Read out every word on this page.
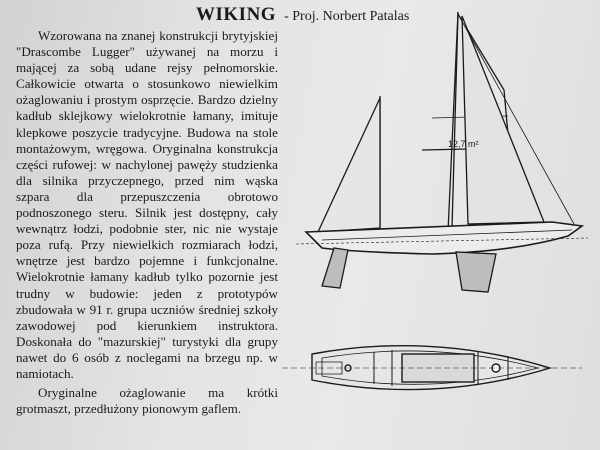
WIKING - Proj. Norbert Patalas

Wzorowana na znanej konstrukcji brytyjskiej "Drascombe Lugger" używanej na morzu i mającej za sobą udane rejsy pełnomorskie. Całkowicie otwarta o stosunkowo niewielkim ożaglowaniu i prostym osprzęcie. Bardzo dzielny kadłub sklejkowy wielokrotnie łamany, imituje klepkowe poszycie tradycyjne. Budowa na stole montażowym, wręgowa. Oryginalna konstrukcja części rufowej: w nachylonej pawęży studzienka dla silnika przyczepnego, przed nim wąska szpara dla przepuszczenia obrotowo podnoszonego steru. Silnik jest dostępny, cały wewnątrz łodzi, podobnie ster, nic nie wystaje poza rufą. Przy niewielkich rozmiarach łodzi, wnętrze jest bardzo pojemne i funkcjonalne. Wielokrotnie łamany kadłub tylko pozornie jest trudny w budowie: jeden z prototypów zbudowała w 91 r. grupa uczniów średniej szkoły zawodowej pod kierunkiem instruktora. Doskonała do "mazurskiej" turystyki dla grupy nawet do 6 osób z noclegami na brzegu np. w namiotach.

Oryginalne ożaglowanie ma krótki grotmaszt, przedłużony pionowym gaflem.

12,7 m²
